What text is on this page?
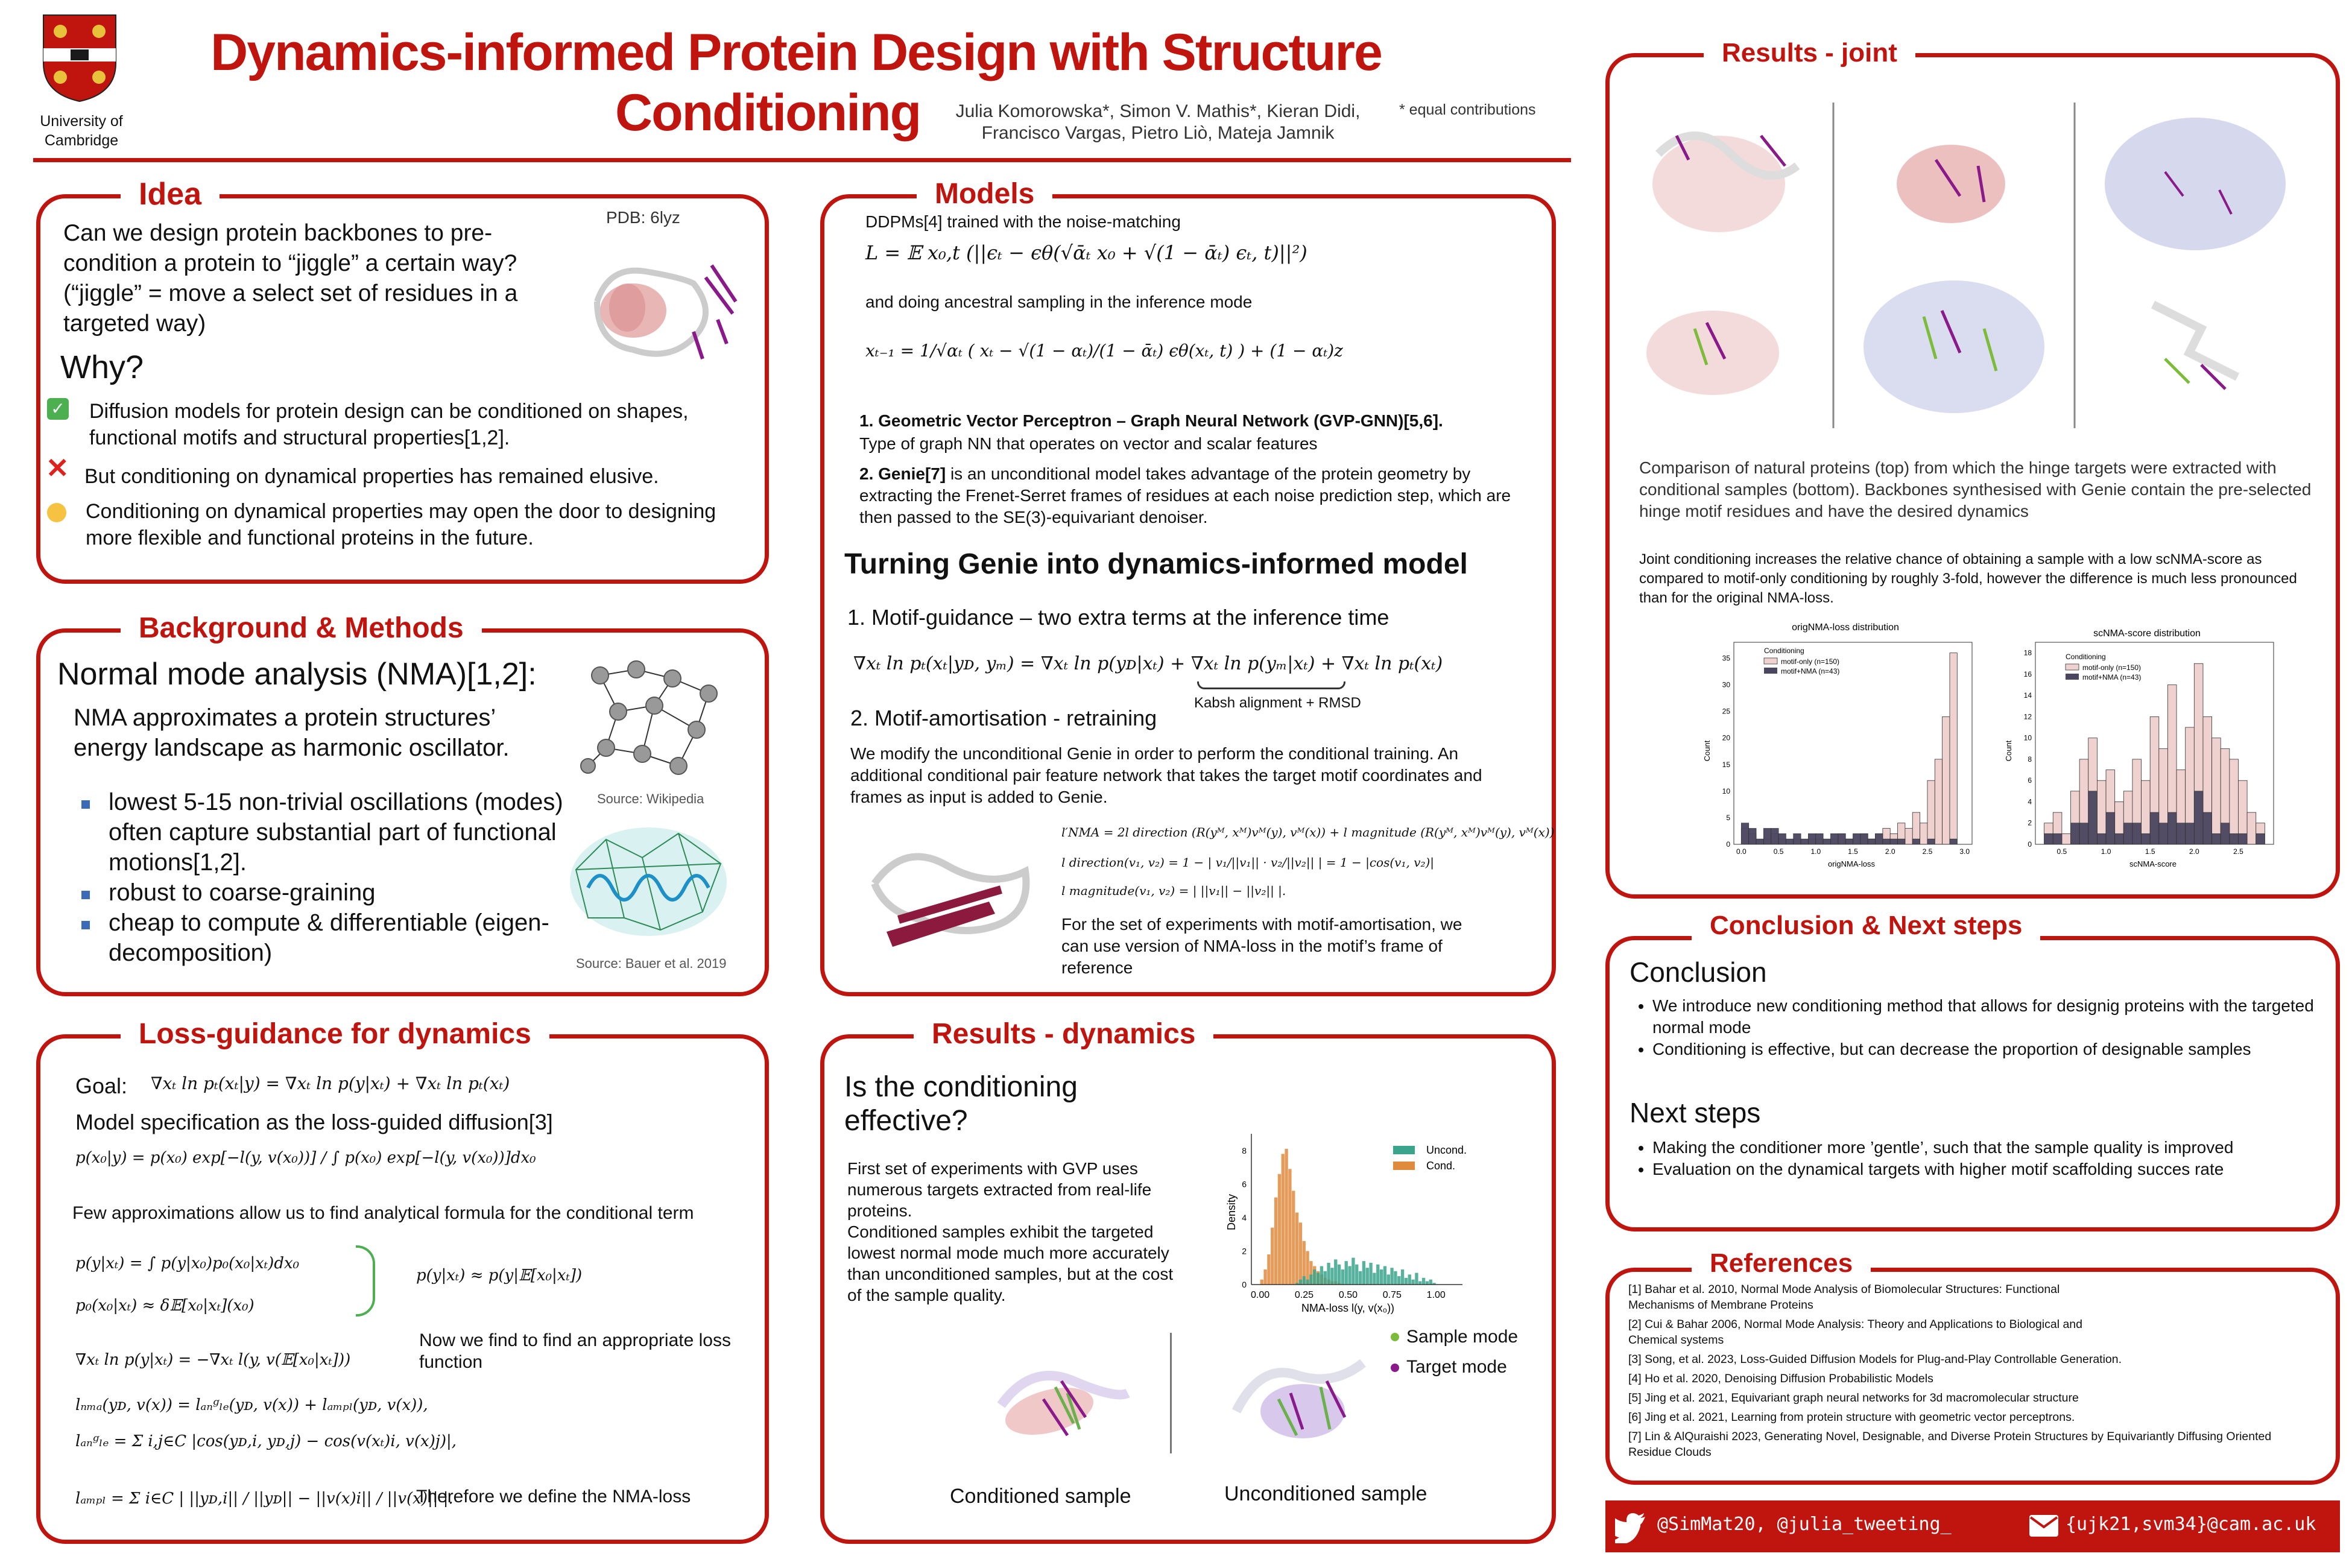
University of Cambridge
Dynamics-informed Protein Design with Structure
Conditioning	Julia Komorowska*, Simon V. Mathis*, Kieran Didi,
Francisco Vargas, Pietro Liò, Mateja Jamnik
* equal contributions
Idea
Can we design protein backbones to pre-condition a protein to “jiggle” a certain way? (“jiggle” = move a select set of residues in a targeted way)
PDB: 6lyz
Why?
✓ Diffusion models for protein design can be conditioned on shapes, functional motifs and structural properties[1,2].
✕ But conditioning on dynamical properties has remained elusive.
Conditioning on dynamical properties may open the door to designing more flexible and functional proteins in the future.
Background & Methods
Normal mode analysis (NMA)[1,2]:
NMA approximates a protein structures’ energy landscape as harmonic oscillator.
lowest 5-15 non-trivial oscillations (modes) often capture substantial part of functional motions[1,2].
robust to coarse-graining
cheap to compute & differentiable (eigen-decomposition)
Source: Wikipedia
Source: Bauer et al. 2019
Loss-guidance for dynamics
Goal: ∇xₜ ln pₜ(xₜ|y) = ∇xₜ ln p(y|xₜ) + ∇xₜ ln pₜ(xₜ)
Model specification as the loss-guided diffusion[3]
p(x₀|y) = p(x₀) exp[−l(y, v(x₀))] / ∫ p(x₀) exp[−l(y, v(x₀))]dx₀
Few approximations allow us to find analytical formula for the conditional term
p(y|xₜ) = ∫ p(y|x₀)p₀(x₀|xₜ)dx₀
p₀(x₀|xₜ) ≈ δ𝔼[x₀|xₜ](x₀)
p(y|xₜ) ≈ p(y|𝔼[x₀|xₜ])
∇xₜ ln p(y|xₜ) = −∇xₜ l(y, v(𝔼[x₀|xₜ]))
Now we find to find an appropriate loss function
lₙₘₐ(yᴅ, v(x)) = lₐₙᵍₗₑ(yᴅ, v(x)) + lₐₘₚₗ(yᴅ, v(x)),
lₐₙᵍₗₑ = Σ i,j∈C |cos(yᴅ,i, yᴅ,j) − cos(v(xₜ)i, v(x)j)|,
lₐₘₚₗ = Σ i∈C | ||yᴅ,i|| / ||yᴅ|| − ||v(x)i|| / ||v(x)|| |.
Therefore we define the NMA-loss
Models
DDPMs[4] trained with the noise-matching
L = 𝔼 x₀,t (||ϵₜ − ϵθ(√ᾱₜ x₀ + √(1 − ᾱₜ) ϵₜ, t)||²)
and doing ancestral sampling in the inference mode
xₜ₋₁ = 1/√αₜ ( xₜ − √(1 − αₜ)/(1 − ᾱₜ) ϵθ(xₜ, t) ) + (1 − αₜ)z
1. Geometric Vector Perceptron – Graph Neural Network (GVP-GNN)[5,6].
Type of graph NN that operates on vector and scalar features
2. Genie[7] is an unconditional model takes advantage of the protein geometry by extracting the Frenet-Serret frames of residues at each noise prediction step, which are then passed to the SE(3)-equivariant denoiser.
Turning Genie into dynamics-informed model
1. Motif-guidance – two extra terms at the inference time
∇xₜ ln pₜ(xₜ|yᴅ, yₘ) = ∇xₜ ln p(yᴅ|xₜ) + ∇xₜ ln p(yₘ|xₜ) + ∇xₜ ln pₜ(xₜ)
Kabsh alignment + RMSD
2. Motif-amortisation - retraining
We modify the unconditional Genie in order to perform the conditional training. An additional conditional pair feature network that takes the target motif coordinates and frames as input is added to Genie.
l′NMA = 2l direction (R(yᴹ, xᴹ)vᴹ(y), vᴹ(x)) + l magnitude (R(yᴹ, xᴹ)vᴹ(y), vᴹ(x))
l direction(v₁, v₂) = 1 − | v₁/||v₁|| · v₂/||v₂|| | = 1 − |cos(v₁, v₂)|
l magnitude(v₁, v₂) = | ||v₁|| − ||v₂|| |.
For the set of experiments with motif-amortisation, we can use version of NMA-loss in the motif’s frame of reference
Results - dynamics
Is the conditioning effective?
First set of experiments with GVP uses numerous targets extracted from real-life proteins.
Conditioned samples exhibit the targeted lowest normal mode much more accurately than unconditioned samples, but at the cost of the sample quality.
Density
0.00	0.25	0.50	0.75	1.00
0
2
4
6
8
NMA-loss l(y, v(x₀))
Uncond.
Cond.
Sample mode
Target mode
Conditioned sample	Unconditioned sample
Results - joint
Comparison of natural proteins (top) from which the hinge targets were extracted with conditional samples (bottom). Backbones synthesised with Genie contain the pre-selected hinge motif residues and have the desired dynamics
Joint conditioning increases the relative chance of obtaining a sample with a low scNMA-score as compared to motif-only conditioning by roughly 3-fold, however the difference is much less pronounced than for the original NMA-loss.
origNMA-loss distribution
Count
0.0	0.5	1.0	1.5	2.0	2.5	3.0
0
5
10
15
20
25
30
35
origNMA-loss
Conditioning
motif-only (n=150)
motif+NMA (n=43)
scNMA-score distribution
Count
0.5	1.0	1.5	2.0	2.5
0
2
4
6
8
10
12
14
16
18
scNMA-score
Conditioning
motif-only (n=150)
motif+NMA (n=43)
Conclusion & Next steps
Conclusion
• We introduce new conditioning method that allows for designig proteins with the targeted normal mode
• Conditioning is effective, but can decrease the proportion of designable samples
Next steps
• Making the conditioner more ’gentle’, such that the sample quality is improved
• Evaluation on the dynamical targets with higher motif scaffolding succes rate
References
[1] Bahar et al. 2010, Normal Mode Analysis of Biomolecular Structures: Functional Mechanisms of Membrane Proteins
[2] Cui & Bahar 2006, Normal Mode Analysis: Theory and Applications to Biological and Chemical systems
[3] Song, et al. 2023, Loss-Guided Diffusion Models for Plug-and-Play Controllable Generation.
[4] Ho et al. 2020, Denoising Diffusion Probabilistic Models
[5] Jing et al. 2021, Equivariant graph neural networks for 3d macromolecular structure
[6] Jing et al. 2021, Learning from protein structure with geometric vector perceptrons.
[7] Lin & AlQuraishi 2023, Generating Novel, Designable, and Diverse Protein Structures by Equivariantly Diffusing Oriented Residue Clouds
@SimMat20, @julia_tweeting_	{ujk21,svm34}@cam.ac.uk
